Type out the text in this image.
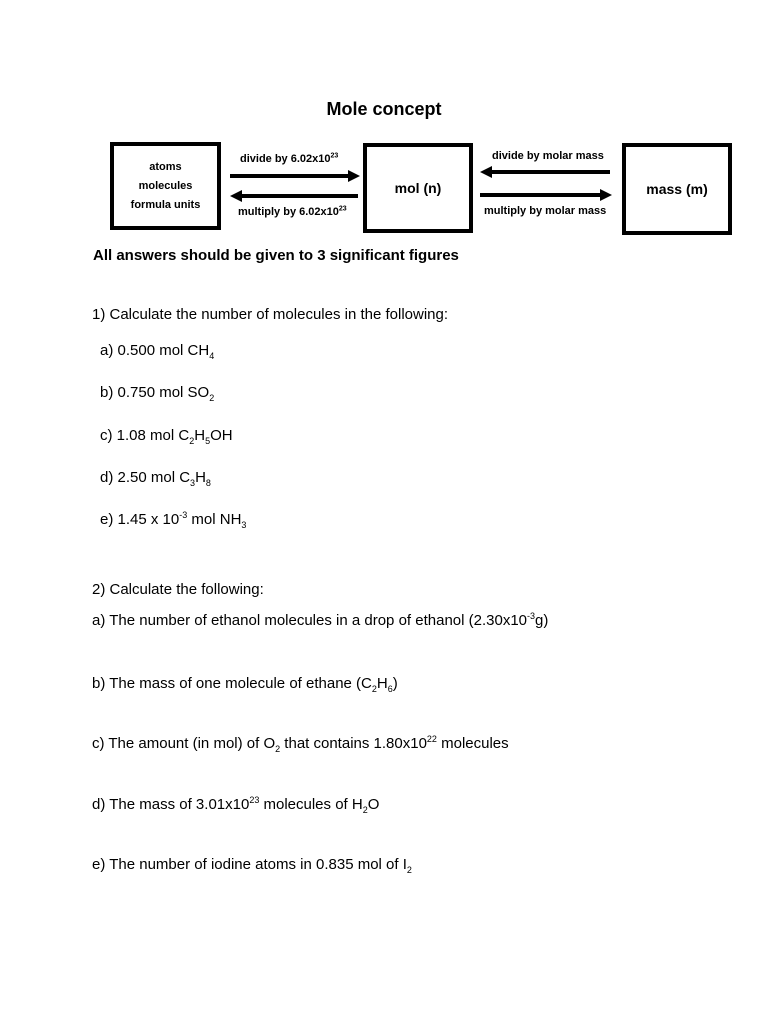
Mole concept
atoms
molecules
formula units
mol (n)	mass (m)
divide by $6.02x10^{23}$
multiply by $6.02x10^{23}$
divide by molar mass
multiply by molar mass
All answers should be given to 3 significant figures
1) Calculate the number of molecules in the following:
a) 0.500 mol $CH_4$
b) 0.750 mol $SO_2$
c) 1.08 mol $C_2H_5OH$
d) 2.50 mol $C_3H_8$
e) 1.45 x $10^{-3}$ mol $NH_3$
2) Calculate the following:
a) The number of ethanol molecules in a drop of ethanol $(2.30x10^{-3}g)$
b) The mass of one molecule of ethane $(C_2H_6)$
c) The amount (in mol) of $O_2$ that contains $1.80x10^{22}$ molecules
d) The mass of $3.01x10^{23}$ molecules of $H_2O$
e) The number of iodine atoms in 0.835 mol of $I_2$
